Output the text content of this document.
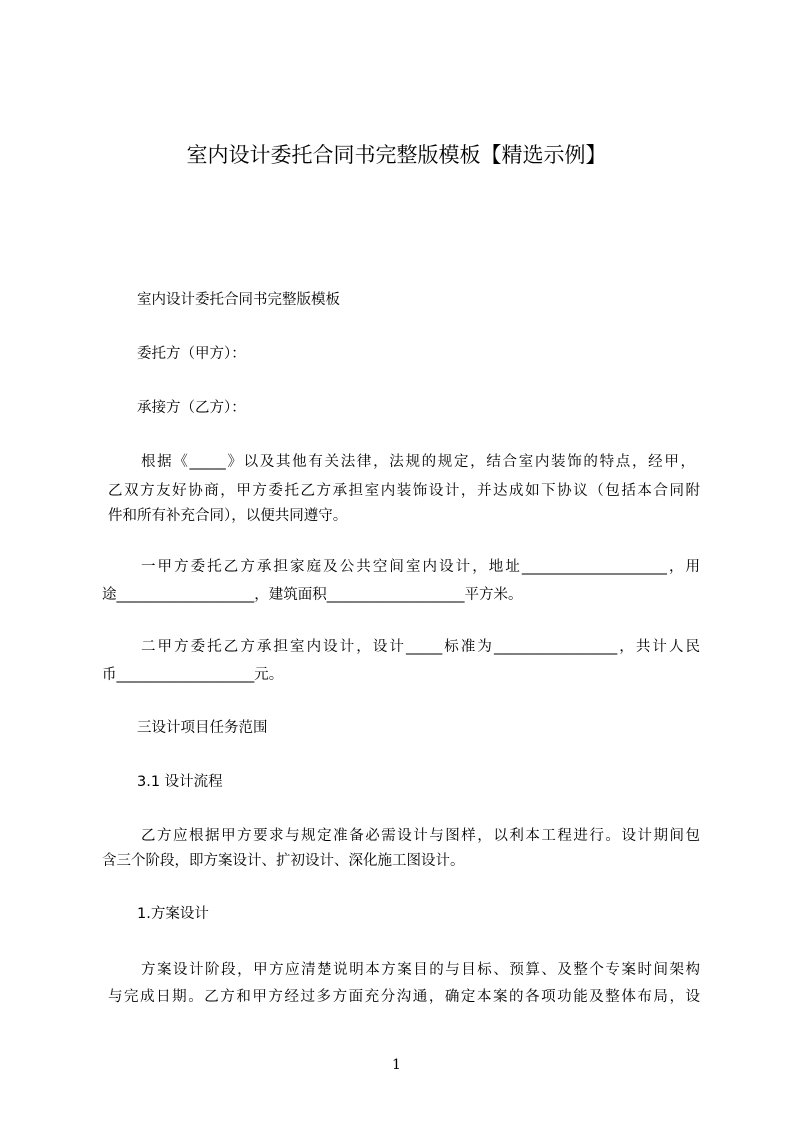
室内设计委托合同书完整版模板【精选示例】
室内设计委托合同书完整版模板
委托方（甲方）：
承接方（乙方）：
根据《_____》以及其他有关法律，法规的规定，结合室内装饰的特点，经甲，
乙双方友好协商，甲方委托乙方承担室内装饰设计，并达成如下协议（包括本合同附
件和所有补充合同），以便共同遵守。
一甲方委托乙方承担家庭及公共空间室内设计，地址____________________，用
途___________________，建筑面积___________________平方米。
二甲方委托乙方承担室内设计，设计_____标准为_________________，共计人民
币___________________元。
三设计项目任务范围
3.1 设计流程
乙方应根据甲方要求与规定准备必需设计与图样，以利本工程进行。设计期间包
含三个阶段，即方案设计、扩初设计、深化施工图设计。
1.方案设计
方案设计阶段，甲方应清楚说明本方案目的与目标、预算、及整个专案时间架构
与完成日期。乙方和甲方经过多方面充分沟通，确定本案的各项功能及整体布局，设
1
